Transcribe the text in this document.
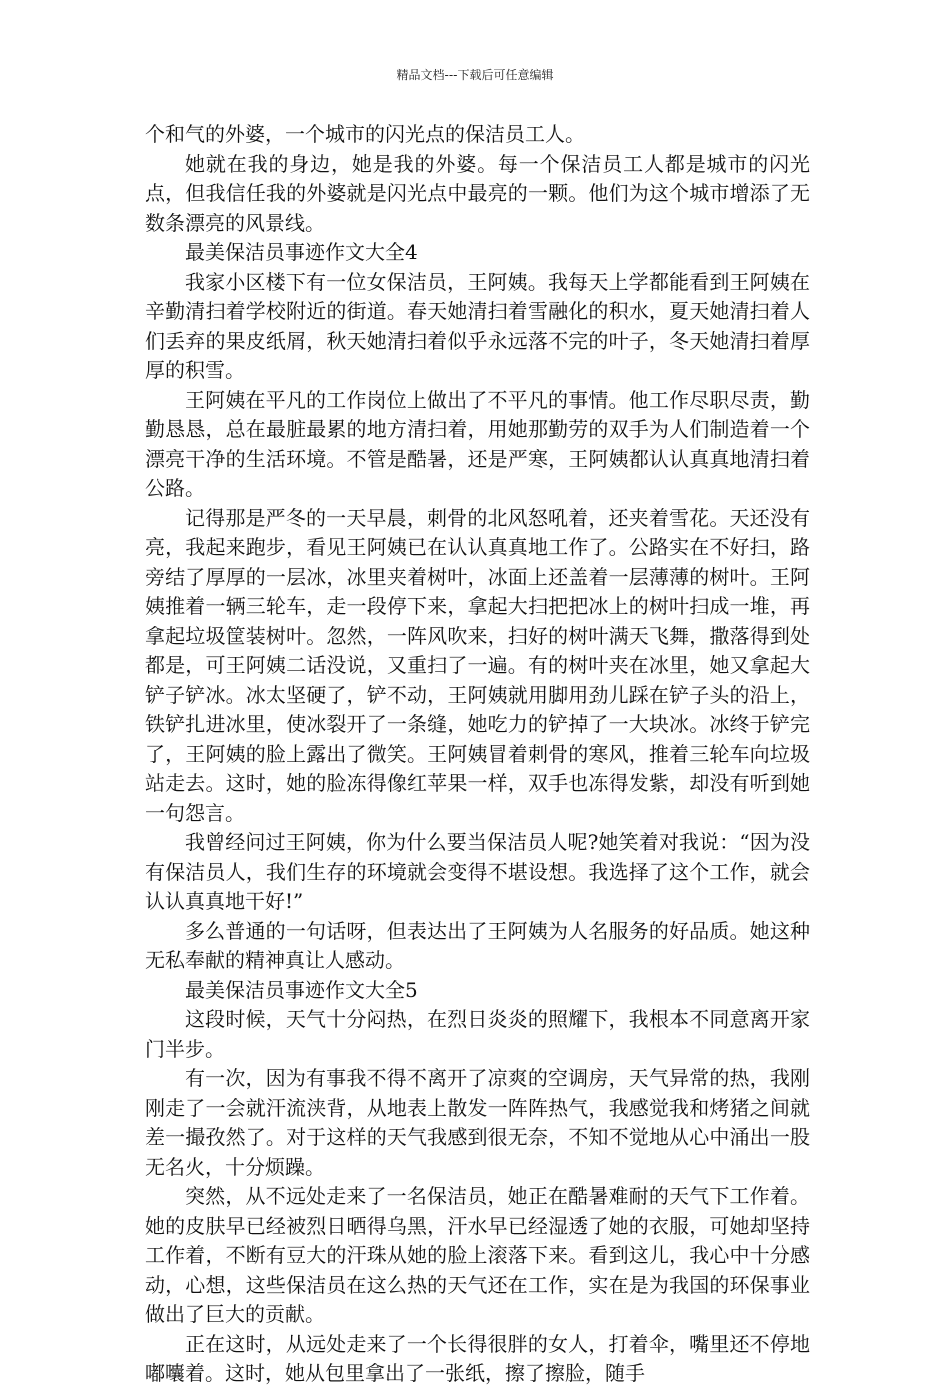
精品文档---下载后可任意编辑

个和气的外婆，一个城市的闪光点的保洁员工人。

她就在我的身边，她是我的外婆。每一个保洁员工人都是城市的闪光点，但我信任我的外婆就是闪光点中最亮的一颗。他们为这个城市增添了无数条漂亮的风景线。

最美保洁员事迹作文大全4

我家小区楼下有一位女保洁员，王阿姨。我每天上学都能看到王阿姨在辛勤清扫着学校附近的街道。春天她清扫着雪融化的积水，夏天她清扫着人们丢弃的果皮纸屑，秋天她清扫着似乎永远落不完的叶子，冬天她清扫着厚厚的积雪。

王阿姨在平凡的工作岗位上做出了不平凡的事情。他工作尽职尽责，勤勤恳恳，总在最脏最累的地方清扫着，用她那勤劳的双手为人们制造着一个漂亮干净的生活环境。不管是酷暑，还是严寒，王阿姨都认认真真地清扫着公路。

记得那是严冬的一天早晨，刺骨的北风怒吼着，还夹着雪花。天还没有亮，我起来跑步，看见王阿姨已在认认真真地工作了。公路实在不好扫，路旁结了厚厚的一层冰，冰里夹着树叶，冰面上还盖着一层薄薄的树叶。王阿姨推着一辆三轮车，走一段停下来，拿起大扫把把冰上的树叶扫成一堆，再拿起垃圾筐装树叶。忽然，一阵风吹来，扫好的树叶满天飞舞，撒落得到处都是，可王阿姨二话没说，又重扫了一遍。有的树叶夹在冰里，她又拿起大铲子铲冰。冰太坚硬了，铲不动，王阿姨就用脚用劲儿踩在铲子头的沿上，铁铲扎进冰里，使冰裂开了一条缝，她吃力的铲掉了一大块冰。冰终于铲完了，王阿姨的脸上露出了微笑。王阿姨冒着刺骨的寒风，推着三轮车向垃圾站走去。这时，她的脸冻得像红苹果一样，双手也冻得发紫，却没有听到她一句怨言。

我曾经问过王阿姨，你为什么要当保洁员人呢?她笑着对我说：“因为没有保洁员人，我们生存的环境就会变得不堪设想。我选择了这个工作，就会认认真真地干好!”

多么普通的一句话呀，但表达出了王阿姨为人名服务的好品质。她这种无私奉献的精神真让人感动。

最美保洁员事迹作文大全5

这段时候，天气十分闷热，在烈日炎炎的照耀下，我根本不同意离开家门半步。

有一次，因为有事我不得不离开了凉爽的空调房，天气异常的热，我刚刚走了一会就汗流浃背，从地表上散发一阵阵热气，我感觉我和烤猪之间就差一撮孜然了。对于这样的天气我感到很无奈，不知不觉地从心中涌出一股无名火，十分烦躁。

突然，从不远处走来了一名保洁员，她正在酷暑难耐的天气下工作着。她的皮肤早已经被烈日晒得乌黑，汗水早已经湿透了她的衣服，可她却坚持工作着，不断有豆大的汗珠从她的脸上滚落下来。看到这儿，我心中十分感动，心想，这些保洁员在这么热的天气还在工作，实在是为我国的环保事业做出了巨大的贡献。

正在这时，从远处走来了一个长得很胖的女人，打着伞，嘴里还不停地嘟囔着。这时，她从包里拿出了一张纸，擦了擦脸，随手
